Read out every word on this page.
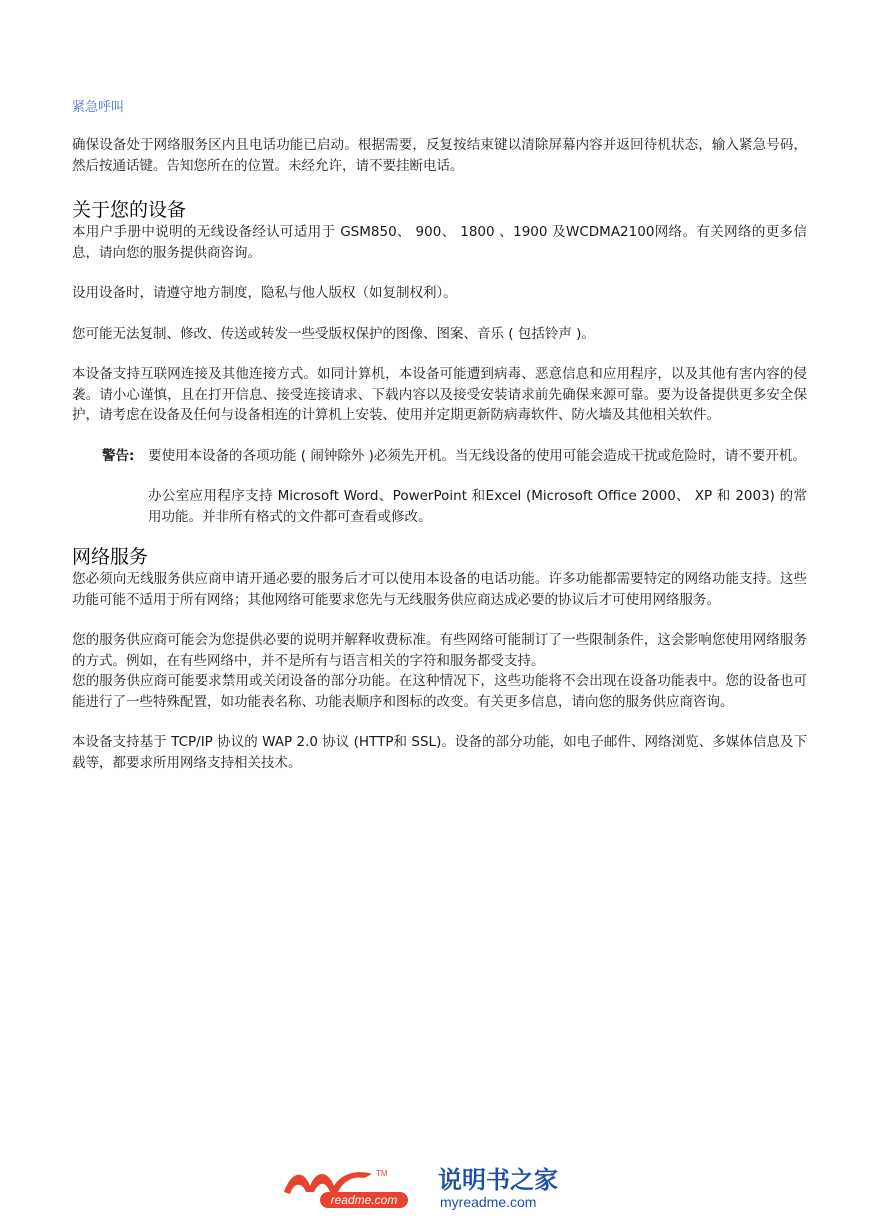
紧急呼叫

确保设备处于网络服务区内且电话功能已启动。根据需要，反复按结束键以清除屏幕内容并返回待机状态，输入紧急号码，然后按通话键。告知您所在的位置。未经允许，请不要挂断电话。

关于您的设备

本用户手册中说明的无线设备经认可适用于 GSM850、 900、 1800 、1900 及WCDMA2100网络。有关网络的更多信息，请向您的服务提供商咨询。

设用设备时，请遵守地方制度，隐私与他人版权（如复制权利）。

您可能无法复制、修改、传送或转发一些受版权保护的图像、图案、音乐 ( 包括铃声 )。

本设备支持互联网连接及其他连接方式。如同计算机，本设备可能遭到病毒、恶意信息和应用程序，以及其他有害内容的侵袭。请小心谨慎，且在打开信息、接受连接请求、下载内容以及接受安装请求前先确保来源可靠。要为设备提供更多安全保护，请考虑在设备及任何与设备相连的计算机上安装、使用并定期更新防病毒软件、防火墙及其他相关软件。

警告:	要使用本设备的各项功能 ( 闹钟除外 )必须先开机。当无线设备的使用可能会造成干扰或危险时，请不要开机。

办公室应用程序支持 Microsoft Word、PowerPoint 和Excel (Microsoft Office 2000、 XP 和 2003) 的常用功能。并非所有格式的文件都可查看或修改。

网络服务

您必须向无线服务供应商申请开通必要的服务后才可以使用本设备的电话功能。许多功能都需要特定的网络功能支持。这些功能可能不适用于所有网络；其他网络可能要求您先与无线服务供应商达成必要的协议后才可使用网络服务。

您的服务供应商可能会为您提供必要的说明并解释收费标准。有些网络可能制订了一些限制条件，这会影响您使用网络服务的方式。例如，在有些网络中，并不是所有与语言相关的字符和服务都受支持。

您的服务供应商可能要求禁用或关闭设备的部分功能。在这种情况下，这些功能将不会出现在设备功能表中。您的设备也可能进行了一些特殊配置，如功能表名称、功能表顺序和图标的改变。有关更多信息，请向您的服务供应商咨询。

本设备支持基于 TCP/IP 协议的 WAP 2.0 协议 (HTTP和 SSL)。设备的部分功能，如电子邮件、网络浏览、多媒体信息及下载等，都要求所用网络支持相关技术。

TM
readme.com
说明书之家
myreadme.com
